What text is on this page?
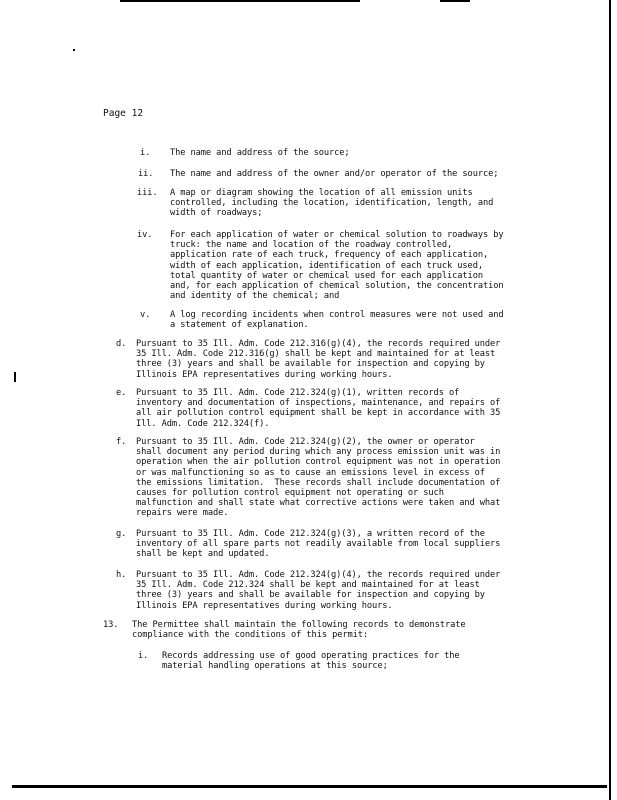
Page 12
i. The name and address of the source;
ii. The name and address of the owner and/or operator of the source;
iii. A map or diagram showing the location of all emission units
controlled, including the location, identification, length, and
width of roadways;
iv. For each application of water or chemical solution to roadways by
truck: the name and location of the roadway controlled,
application rate of each truck, frequency of each application,
width of each application, identification of each truck used,
total quantity of water or chemical used for each application
and, for each application of chemical solution, the concentration
and identity of the chemical; and
v. A log recording incidents when control measures were not used and
a statement of explanation.
d. Pursuant to 35 Ill. Adm. Code 212.316(g)(4), the records required under
35 Ill. Adm. Code 212.316(g) shall be kept and maintained for at least
three (3) years and shall be available for inspection and copying by
Illinois EPA representatives during working hours.
e. Pursuant to 35 Ill. Adm. Code 212.324(g)(1), written records of
inventory and documentation of inspections, maintenance, and repairs of
all air pollution control equipment shall be kept in accordance with 35
Ill. Adm. Code 212.324(f).
f. Pursuant to 35 Ill. Adm. Code 212.324(g)(2), the owner or operator
shall document any period during which any process emission unit was in
operation when the air pollution control equipment was not in operation
or was malfunctioning so as to cause an emissions level in excess of
the emissions limitation.  These records shall include documentation of
causes for pollution control equipment not operating or such
malfunction and shall state what corrective actions were taken and what
repairs were made.
g. Pursuant to 35 Ill. Adm. Code 212.324(g)(3), a written record of the
inventory of all spare parts not readily available from local suppliers
shall be kept and updated.
h. Pursuant to 35 Ill. Adm. Code 212.324(g)(4), the records required under
35 Ill. Adm. Code 212.324 shall be kept and maintained for at least
three (3) years and shall be available for inspection and copying by
Illinois EPA representatives during working hours.
13. The Permittee shall maintain the following records to demonstrate
compliance with the conditions of this permit:
i. Records addressing use of good operating practices for the
material handling operations at this source;
